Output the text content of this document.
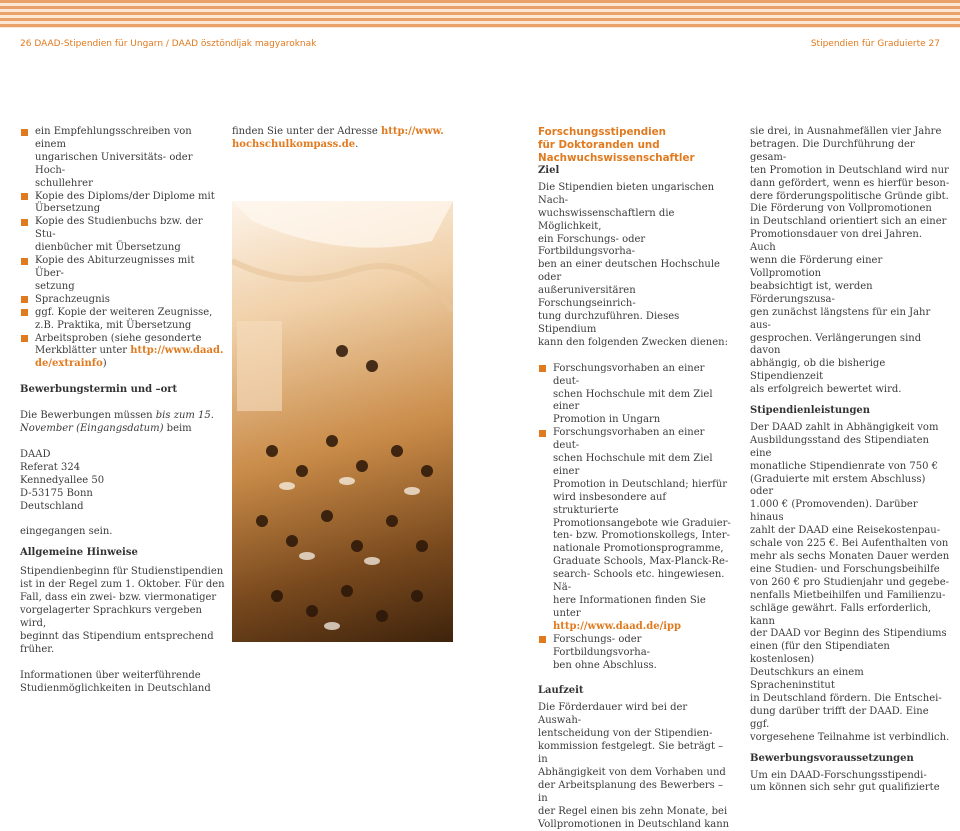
26 DAAD-Stipendien für Ungarn / DAAD ösztöndíjak magyaroknak	Stipendien für Graduierte 27

ein Empfehlungsschreiben von einem

ungarischen Universitäts- oder Hoch-

schullehrer

Kopie des Diploms/der Diplome mit

Übersetzung

Kopie des Studienbuchs bzw. der Stu-

dienbücher mit Übersetzung

Kopie des Abiturzeugnisses mit Über-

setzung

Sprachzeugnis

ggf. Kopie der weiteren Zeugnisse,

z.B. Praktika, mit Übersetzung

Arbeitsproben (siehe gesonderte

Merkblätter unter http://www.daad.

de/extrainfo)

Bewerbungstermin und –ort

Die Bewerbungen müssen bis zum 15.

November (Eingangsdatum) beim

DAAD

Referat 324

Kennedyallee 50

D-53175 Bonn

Deutschland

eingegangen sein.

Allgemeine Hinweise

Stipendienbeginn für Studienstipendien

ist in der Regel zum 1. Oktober. Für den

Fall, dass ein zwei- bzw. viermonatiger

vorgelagerter Sprachkurs vergeben wird,

beginnt das Stipendium entsprechend

früher.

Informationen über weiterführende

Studienmöglichkeiten in Deutschland

finden Sie unter der Adresse http://www.

hochschulkompass.de.

Forschungsstipendien
für Doktoranden und
Nachwuchswissenschaftler

Ziel

Die Stipendien bieten ungarischen Nach-

wuchswissenschaftlern die Möglichkeit,

ein Forschungs- oder Fortbildungsvorha-

ben an einer deutschen Hochschule oder

außeruniversitären Forschungseinrich-

tung durchzuführen. Dieses Stipendium

kann den folgenden Zwecken dienen:

Forschungsvorhaben an einer deut-

schen Hochschule mit dem Ziel einer

Promotion in Ungarn

Forschungsvorhaben an einer deut-

schen Hochschule mit dem Ziel einer

Promotion in Deutschland; hierfür

wird insbesondere auf strukturierte

Promotionsangebote wie Graduier-

ten- bzw. Promotionskollegs, Inter-

nationale Promotionsprogramme,

Graduate Schools, Max-Planck-Re-

search- Schools etc. hingewiesen. Nä-

here Informationen finden Sie unter

http://www.daad.de/ipp

Forschungs- oder Fortbildungsvorha-

ben ohne Abschluss.

Laufzeit

Die Förderdauer wird bei der Auswah-

lentscheidung von der Stipendien-

kommission festgelegt. Sie beträgt – in

Abhängigkeit von dem Vorhaben und

der Arbeitsplanung des Bewerbers – in

der Regel einen bis zehn Monate, bei

Vollpromotionen in Deutschland kann

sie drei, in Ausnahmefällen vier Jahre

betragen. Die Durchführung der gesam-

ten Promotion in Deutschland wird nur

dann gefördert, wenn es hierfür beson-

dere förderungspolitische Gründe gibt.

Die Förderung von Vollpromotionen

in Deutschland orientiert sich an einer

Promotionsdauer von drei Jahren. Auch

wenn die Förderung einer Vollpromotion

beabsichtigt ist, werden Förderungszusa-

gen zunächst längstens für ein Jahr aus-

gesprochen. Verlängerungen sind davon

abhängig, ob die bisherige Stipendienzeit

als erfolgreich bewertet wird.

Stipendienleistungen

Der DAAD zahlt in Abhängigkeit vom

Ausbildungsstand des Stipendiaten eine

monatliche Stipendienrate von 750 €

(Graduierte mit erstem Abschluss) oder

1.000 € (Promovenden). Darüber hinaus

zahlt der DAAD eine Reisekostenpau-

schale von 225 €. Bei Aufenthalten von

mehr als sechs Monaten Dauer werden

eine Studien- und Forschungsbeihilfe

von 260 € pro Studienjahr und gegebe-

nenfalls Mietbeihilfen und Familienzu-

schläge gewährt. Falls erforderlich, kann

der DAAD vor Beginn des Stipendiums

einen (für den Stipendiaten kostenlosen)

Deutschkurs an einem Spracheninstitut

in Deutschland fördern. Die Entschei-

dung darüber trifft der DAAD. Eine ggf.

vorgesehene Teilnahme ist verbindlich.

Bewerbungsvoraussetzungen

Um ein DAAD-Forschungsstipendi-

um können sich sehr gut qualifizierte
